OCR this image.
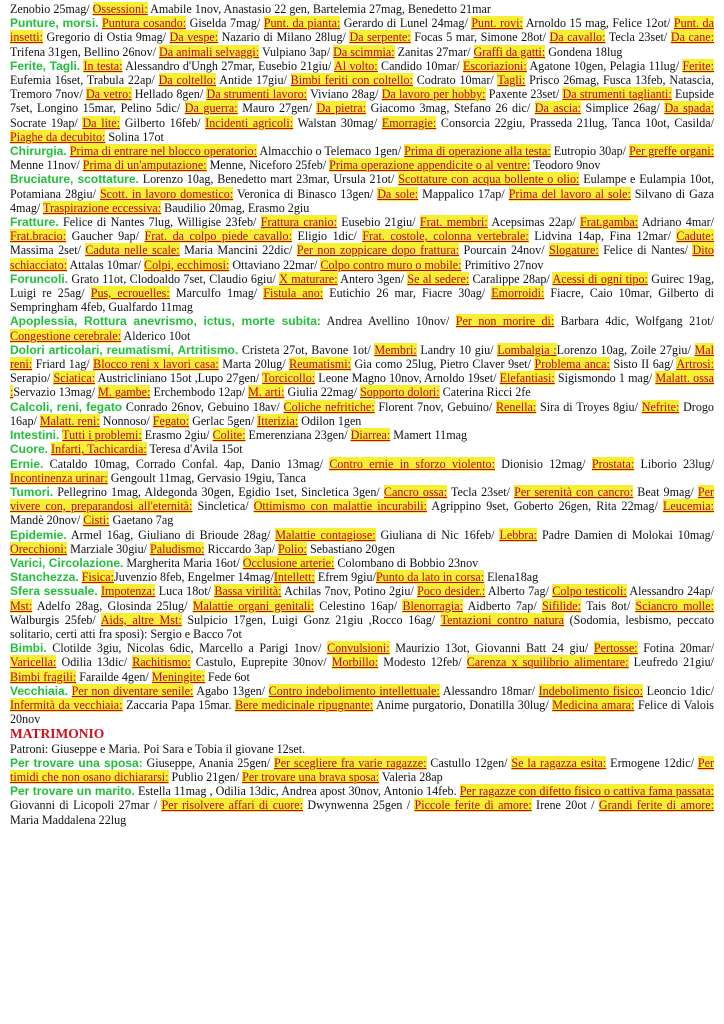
Zenobio 25mag/ Ossessioni: Amabile 1nov, Anastasio 22 gen, Bartelemia 27mag, Benedetto 21mar

Punture, morsi. Puntura cosando: Giselda 7mag/ Punt. da pianta: Gerardo di Lunel 24mag/ Punt. rovi: Arnoldo 15 mag, Felice 12ot/ Punt. da insetti: Gregorio di Ostia 9mag/ Da vespe: Nazario di Milano 28lug/ Da serpente: Focas 5 mar, Simone 28ot/ Da cavallo: Tecla 23set/ Da cane: Trifena 31gen, Bellino 26nov/ Da animali selvaggi: Vulpiano 3ap/ Da scimmia: Zanitas 27mar/ Graffi da gatti: Gondena 18lug

Ferite, Tagli. In testa: Alessandro d'Ungh 27mar, Eusebio 21giu/ Al volto: Candido 10mar/ Escoriazioni: Agatone 10gen, Pelagia 11lug/ Ferite: Eufemia 16set, Trabula 22ap/ Da coltello: Antide 17giu/ Bimbi feriti con coltello: Codrato 10mar/ Tagli: Prisco 26mag, Fusca 13feb, Natascia, Tremoro 7nov/ Da vetro: Hellado 8gen/ Da strumenti lavoro: Viviano 28ag/ Da lavoro per hobby: Paxente 23set/ Da strumenti taglianti: Eupside 7set, Longino 15mar, Pelino 5dic/ Da guerra: Mauro 27gen/ Da pietra: Giacomo 3mag, Stefano 26 dic/ Da ascia: Simplice 26ag/ Da spada: Socrate 19ap/ Da lite: Gilberto 16feb/ Incidenti agricoli: Walstan 30mag/ Emorragie: Consorcia 22giu, Prasseda 21lug, Tanca 10ot, Casilda/ Piaghe da decubito: Solina 17ot

Chirurgia. Prima di entrare nel blocco operatorio: Almacchio o Telemaco 1gen/ Prima di operazione alla testa: Eutropio 30ap/ Per greffe organi: Menne 11nov/ Prima di un'amputazione: Menne, Niceforo 25feb/ Prima operazione appendicite o al ventre: Teodoro 9nov

Bruciature, scottature. Lorenzo 10ag, Benedetto mart 23mar, Ursula 21ot/ Scottature con acqua bollente o olio: Eulampe e Eulampia 10ot, Potamiana 28giu/ Scott. in lavoro domestico: Veronica di Binasco 13gen/ Da sole: Mappalico 17ap/ Prima del lavoro al sole: Silvano di Gaza 4mag/ Traspirazione eccessiva: Baudilio 20mag, Erasmo 2giu

Fratture. Felice di Nantes 7lug, Willigise 23feb/ Frattura cranio: Eusebio 21giu/ Frat. membri: Acepsimas 22ap/ Frat.gamba: Adriano 4mar/ Frat.bracio: Gaucher 9ap/ Frat. da colpo piede cavallo: Eligio 1dic/ Frat. costole, colonna vertebrale: Lidvina 14ap, Fina 12mar/ Cadute: Massima 2set/ Caduta nelle scale: Maria Mancini 22dic/ Per non zoppicare dopo frattura: Pourcain 24nov/ Slogature: Felice di Nantes/ Dito schiacciato: Attalas 10mar/ Colpi, ecchimosi: Ottaviano 22mar/ Colpo contro muro o mobile: Primitivo 27nov

Foruncoli. Grato 11ot, Clodoaldo 7set, Claudio 6giu/ X maturare: Antero 3gen/ Se al sedere: Caralippe 28ap/ Acessi di ogni tipo: Guirec 19ag, Luigi re 25ag/ Pus, ecrouelles: Marculfo 1mag/ Fistula ano: Eutichio 26 mar, Fiacre 30ag/ Emorroidi: Fiacre, Caio 10mar, Gilberto di Sempringham 4feb, Gualfardo 11mag

Apoplessia, Rottura anevrismo, ictus, morte subita: Andrea Avellino 10nov/ Per non morire di: Barbara 4dic, Wolfgang 21ot/ Congestione cerebrale: Alderico 10ot

Dolori articolari, reumatismi, Artritismo. Cristeta 27ot, Bavone 1ot/ Membri: Landry 10 giu/ Lombalgia :Lorenzo 10ag, Zoile 27giu/ Mal reni: Friard 1ag/ Blocco reni x lavori casa: Marta 20lug/ Reumatismi: Gia como 25lug, Pietro Claver 9set/ Problema anca: Sisto II 6ag/ Artrosi: Serapio/ Sciatica: Austricliniano 15ot ,Lupo 27gen/ Torcicollo: Leone Magno 10nov, Arnoldo 19set/ Elefantiasi: Sigismondo 1 mag/ Malatt. ossa :Servazio 13mag/ M. gambe: Erchembodo 12ap/ M. arti: Giulia 22mag/ Sopporto dolori: Caterina Ricci 2fe

Calcoli, reni, fegato Conrado 26nov, Gebuino 18av/ Coliche nefritiche: Florent 7nov, Gebuino/ Renella: Sira di Troyes 8giu/ Nefrite: Drogo 16ap/ Malatt. reni: Nonnoso/ Fegato: Gerlac 5gen/ Itterizia: Odilon 1gen

Intestini. Tutti i problemi: Erasmo 2giu/ Colite: Emerenziana 23gen/ Diarrea: Mamert 11mag

Cuore. Infarti, Tachicardia: Teresa d'Avila 15ot

Ernie. Cataldo 10mag, Corrado Confal. 4ap, Danio 13mag/ Contro ernie in sforzo violento: Dionisio 12mag/ Prostata: Liborio 23lug/ Incontinenza urinar: Gengoult 11mag, Gervasio 19giu, Tanca

Tumori. Pellegrino 1mag, Aldegonda 30gen, Egidio 1set, Sincletica 3gen/ Cancro ossa: Tecla 23set/ Per serenità con cancro: Beat 9mag/ Per vivere con, preparandosi all'eternità: Sincletica/ Ottimismo con malattie incurabili: Agrippino 9set, Goberto 26gen, Rita 22mag/ Leucemia: Mandè 20nov/ Cisti: Gaetano 7ag

Epidemie. Armel 16ag, Giuliano di Brioude 28ag/ Malattie contagiose: Giuliana di Nic 16feb/ Lebbra: Padre Damien di Molokai 10mag/ Orecchioni: Marziale 30giu/ Paludismo: Riccardo 3ap/ Polio: Sebastiano 20gen

Varici, Circolazione. Margherita Maria 16ot/ Occlusione arterie: Colombano di Bobbio 23nov

Stanchezza. Fisica:Juvenzio 8feb, Engelmer 14mag/Intellett: Efrem 9giu/Punto da lato in corsa: Elena18ag

Sfera sessuale. Impotenza: Luca 18ot/ Bassa virilità: Achilas 7nov, Potino 2giu/ Poco desider.: Alberto 7ag/ Colpo testicoli: Alessandro 24ap/ Mst: Adelfo 28ag, Glosinda 25lug/ Malattie organi genitali: Celestino 16ap/ Blenorragia: Aidberto 7ap/ Sifilide: Tais 8ot/ Sciancro molle: Walburgis 25feb/ Aids, altre Mst: Sulpicio 17gen, Luigi Gonz 21giu ,Rocco 16ag/ Tentazioni contro natura (Sodomia, lesbismo, peccato solitario, certi atti fra sposi): Sergio e Bacco 7ot

Bimbi. Clotilde 3giu, Nicolas 6dic, Marcello a Parigi 1nov/ Convulsioni: Maurizio 13ot, Giovanni Batt 24 giu/ Pertosse: Fotina 20mar/ Varicella: Odilia 13dic/ Rachitismo: Castulo, Euprepite 30nov/ Morbillo: Modesto 12feb/ Carenza x squilibrio alimentare: Leufredo 21giu/ Bimbi fragili: Farailde 4gen/ Meningite: Fede 6ot

Vecchiaia. Per non diventare senile: Agabo 13gen/ Contro indebolimento intellettuale: Alessandro 18mar/ Indebolimento fisico: Leoncio 1dic/ Infermità da vecchiaia: Zaccaria Papa 15mar. Bere medicinale ripugnante: Anime purgatorio, Donatilla 30lug/ Medicina amara: Felice di Valois 20nov

MATRIMONIO

Patroni: Giuseppe e Maria. Poi Sara e Tobia il giovane 12set.

Per trovare una sposa: Giuseppe, Anania 25gen/ Per scegliere fra varie ragazze: Castullo 12gen/ Se la ragazza esita: Ermogene 12dic/ Per timidi che non osano dichiararsi: Publio 21gen/ Per trovare una brava sposa: Valeria 28ap

Per trovare un marito. Estella 11mag , Odilia 13dic, Andrea apost 30nov, Antonio 14feb. Per ragazze con difetto fisico o cattiva fama passata: Giovanni di Licopoli 27mar / Per risolvere affari di cuore: Dwynwenna 25gen / Piccole ferite di amore: Irene 20ot / Grandi ferite di amore: Maria Maddalena 22lug
